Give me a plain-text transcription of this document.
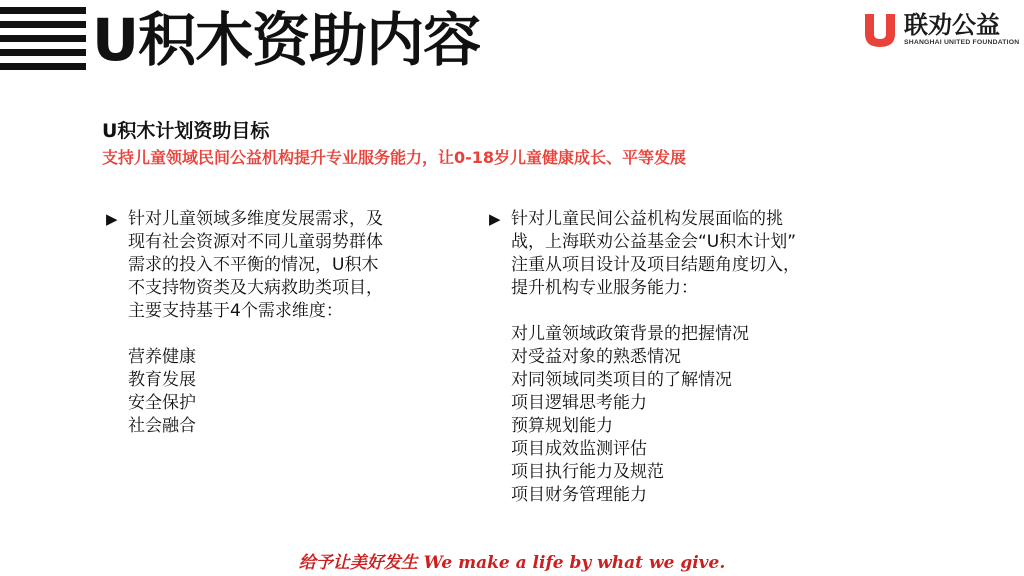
U积木资助内容	联劝公益
SHANGHAI UNITED FOUNDATION
U积木计划资助目标
支持儿童领域民间公益机构提升专业服务能力，让0-18岁儿童健康成长、平等发展
▶ 针对儿童领域多维度发展需求，及
现有社会资源对不同儿童弱势群体
需求的投入不平衡的情况，U积木
不支持物资类及大病救助类项目，
主要支持基于4个需求维度：
营养健康
教育发展
安全保护
社会融合
▶ 针对儿童民间公益机构发展面临的挑
战，上海联劝公益基金会“U积木计划”
注重从项目设计及项目结题角度切入，
提升机构专业服务能力：
对儿童领域政策背景的把握情况
对受益对象的熟悉情况
对同领域同类项目的了解情况
项目逻辑思考能力
预算规划能力
项目成效监测评估
项目执行能力及规范
项目财务管理能力
给予让美好发生 We make a life by what we give.
